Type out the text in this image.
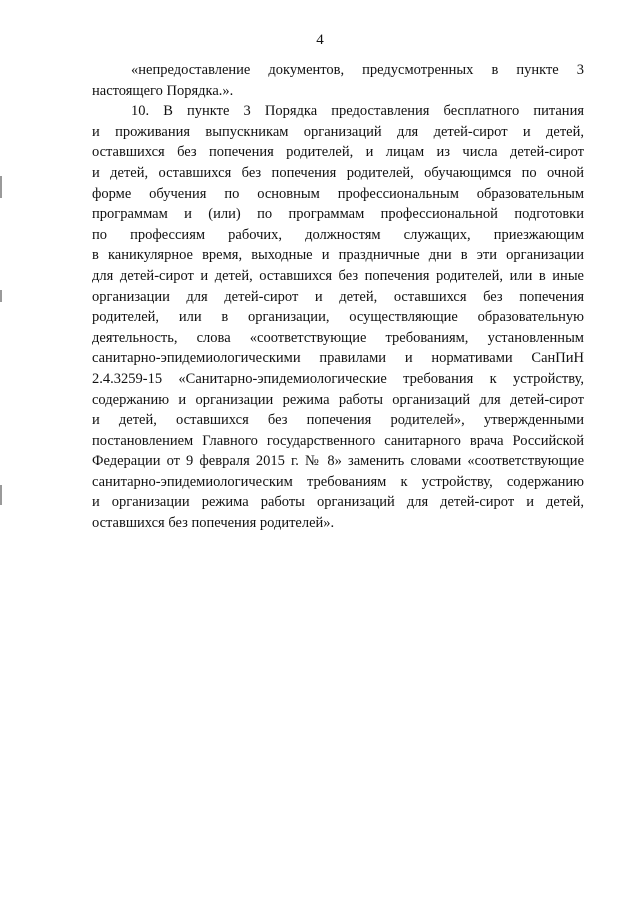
4
«непредоставление документов, предусмотренных в пункте 3
настоящего Порядка.».
10. В пункте 3 Порядка предоставления бесплатного питания
и проживания выпускникам организаций для детей-сирот и детей,
оставшихся без попечения родителей, и лицам из числа детей-сирот
и детей, оставшихся без попечения родителей, обучающимся по очной
форме обучения по основным профессиональным образовательным
программам и (или) по программам профессиональной подготовки
по профессиям рабочих, должностям служащих, приезжающим
в каникулярное время, выходные и праздничные дни в эти организации
для детей-сирот и детей, оставшихся без попечения родителей, или в иные
организации для детей-сирот и детей, оставшихся без попечения
родителей, или в организации, осуществляющие образовательную
деятельность, слова «соответствующие требованиям, установленным
санитарно-эпидемиологическими правилами и нормативами СанПиН
2.4.3259-15 «Санитарно-эпидемиологические требования к устройству,
содержанию и организации режима работы организаций для детей-сирот
и детей, оставшихся без попечения родителей», утвержденными
постановлением Главного государственного санитарного врача Российской
Федерации от 9 февраля 2015 г. № 8» заменить словами «соответствующие
санитарно-эпидемиологическим требованиям к устройству, содержанию
и организации режима работы организаций для детей-сирот и детей,
оставшихся без попечения родителей».
